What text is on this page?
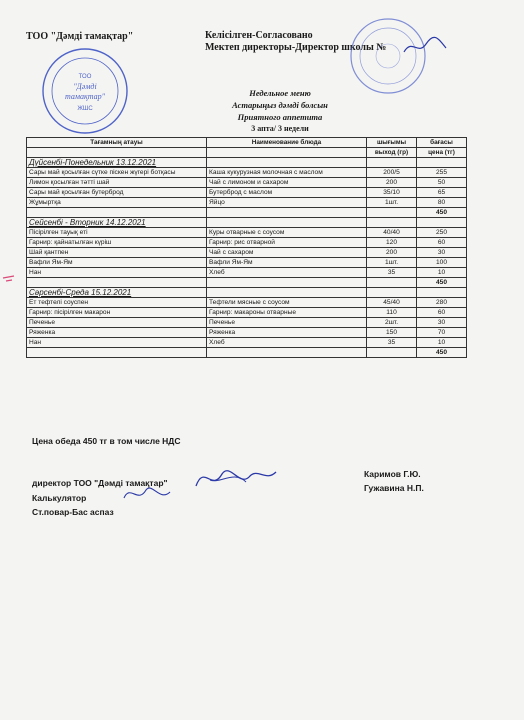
ТОО "Дәмді тамақтар"	Келісілген-Согласовано
Мектеп директоры-Директор школы №
ТОО
"Дәмді
тамақтар"
ЖШС
Недельное меню
Астарыңыз дәмді болсын
Приятного аппетита
3 апта/ 3 недели
Тағамның атауы	Наименование блюда	шығымы	бағасы
		выход (гр)	цена (тг)
Дүйсенбі-Понедельник 13.12.2021			
Сары май қосылған сүтке піскен жүгері ботқасы	Каша кукурузная молочная с маслом	200/5	255
Лимон қосылған тәтті шай	Чай с лимоном и сахаром	200	50
Сары май қосылған бутерброд	Бутерброд с маслом	35/10	65
Жұмыртқа	Яйцо	1шт.	80
			450
Сейсенбі - Вторник 14.12.2021			
Пісірілген тауық еті	Куры отварные с соусом	40/40	250
Гарнир: қайнатылған күріш	Гарнир: рис отварной	120	60
Шай қантпен	Чай с сахаром	200	30
Вафли Ям-Ям	Вафли Ям-Ям	1шт.	100
Нан	Хлеб	35	10
			450
Сәрсенбі-Среда 15.12.2021			
Ет тефтелі соуспен	Тефтели мясные с соусом	45/40	280
Гарнир: пісірілген макарон	Гарнир: макароны отварные	110	60
Печенье	Печенье	2шт.	30
Ряженка	Ряженка	150	70
Нан	Хлеб	35	10
			450
Цена обеда 450 тг в том числе НДС
директор ТОО "Дәмді тамақтар"
Калькулятор
Ст.повар-Бас аспаз
Каримов Г.Ю.
Гужавина Н.П.
